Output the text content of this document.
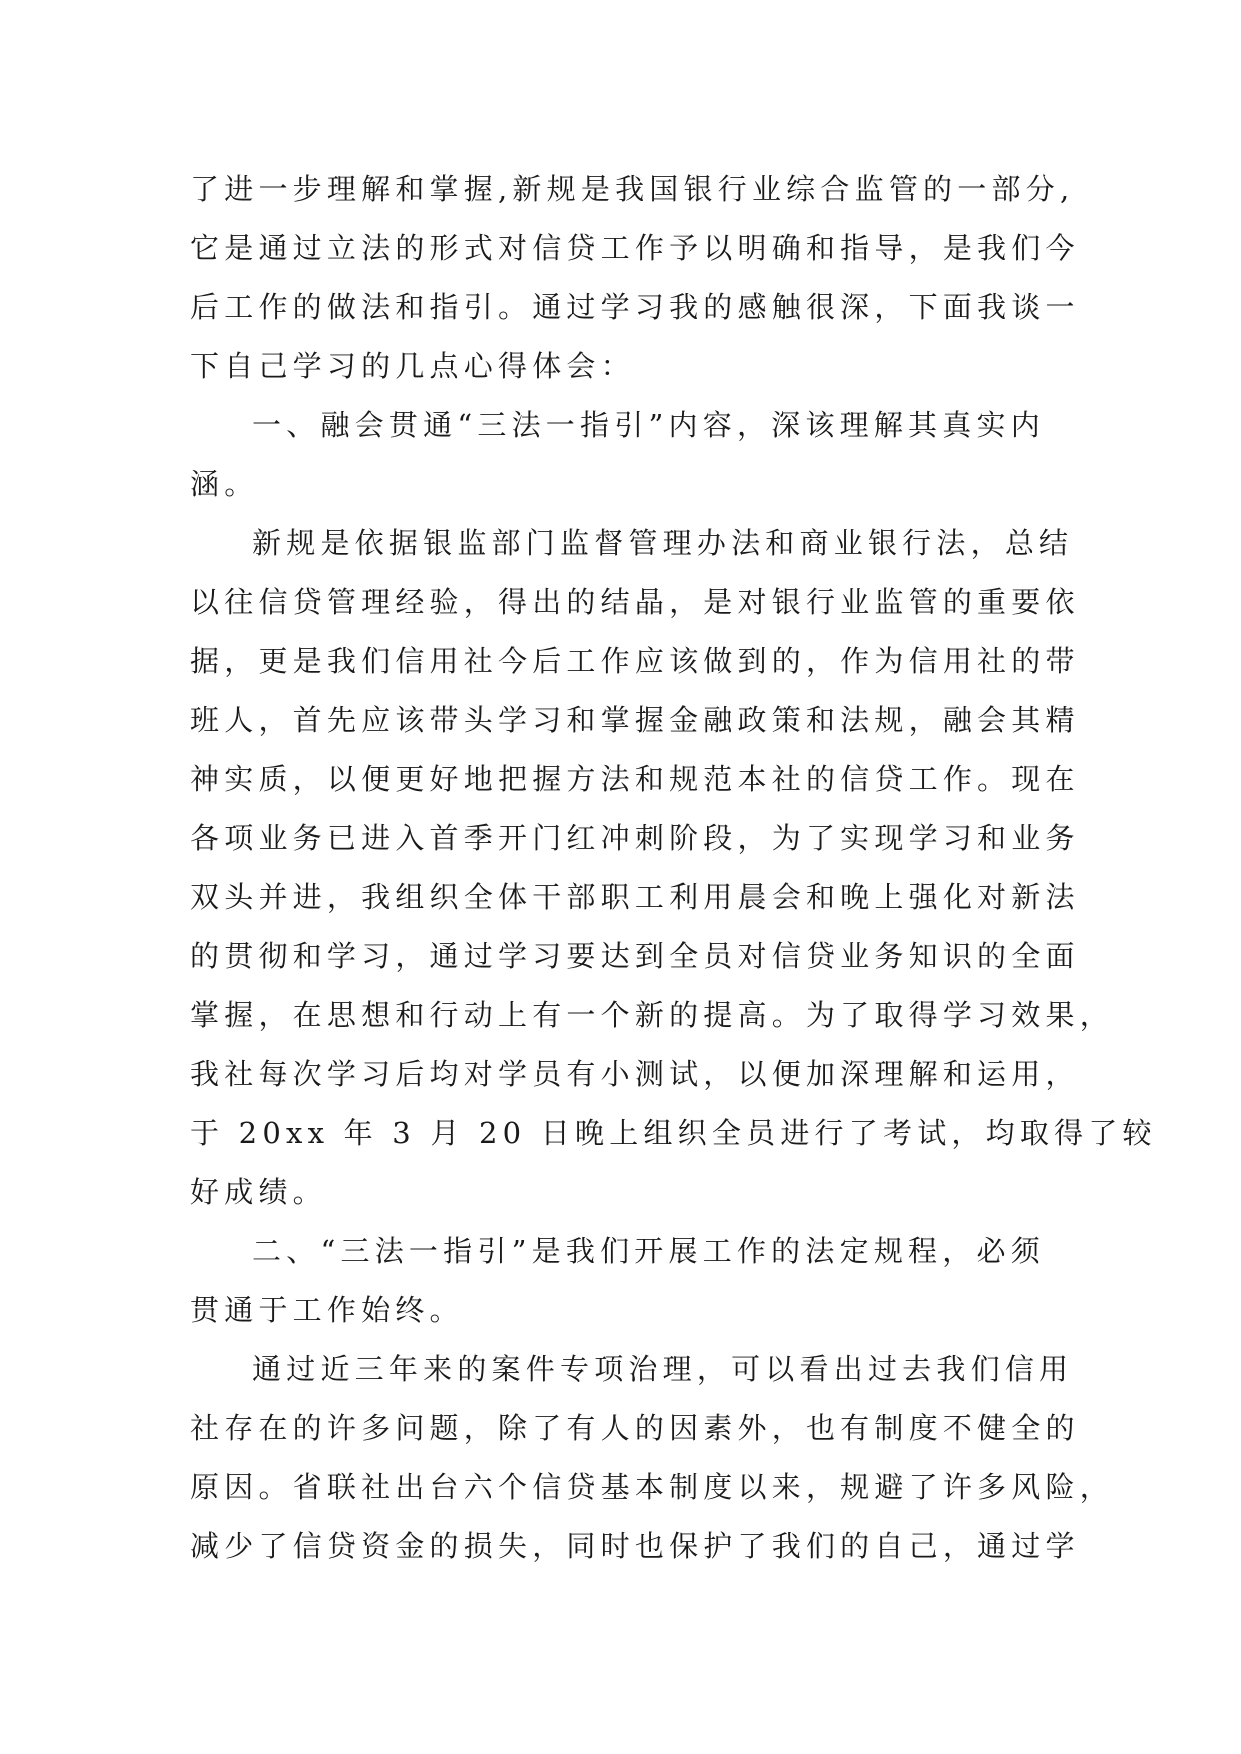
了进一步理解和掌握,新规是我国银行业综合监管的一部分,
它是通过立法的形式对信贷工作予以明确和指导，是我们今
后工作的做法和指引。通过学习我的感触很深，下面我谈一
下自己学习的几点心得体会：
一、融会贯通“三法一指引”内容，深该理解其真实内
涵。
新规是依据银监部门监督管理办法和商业银行法，总结
以往信贷管理经验，得出的结晶，是对银行业监管的重要依
据，更是我们信用社今后工作应该做到的，作为信用社的带
班人，首先应该带头学习和掌握金融政策和法规，融会其精
神实质，以便更好地把握方法和规范本社的信贷工作。现在
各项业务已进入首季开门红冲刺阶段，为了实现学习和业务
双头并进，我组织全体干部职工利用晨会和晚上强化对新法
的贯彻和学习，通过学习要达到全员对信贷业务知识的全面
掌握，在思想和行动上有一个新的提高。为了取得学习效果，
我社每次学习后均对学员有小测试，以便加深理解和运用，
于 20xx 年 3 月 20 日晚上组织全员进行了考试，均取得了较
好成绩。
二、“三法一指引”是我们开展工作的法定规程，必须
贯通于工作始终。
通过近三年来的案件专项治理，可以看出过去我们信用
社存在的许多问题，除了有人的因素外，也有制度不健全的
原因。省联社出台六个信贷基本制度以来，规避了许多风险，
减少了信贷资金的损失，同时也保护了我们的自己，通过学
